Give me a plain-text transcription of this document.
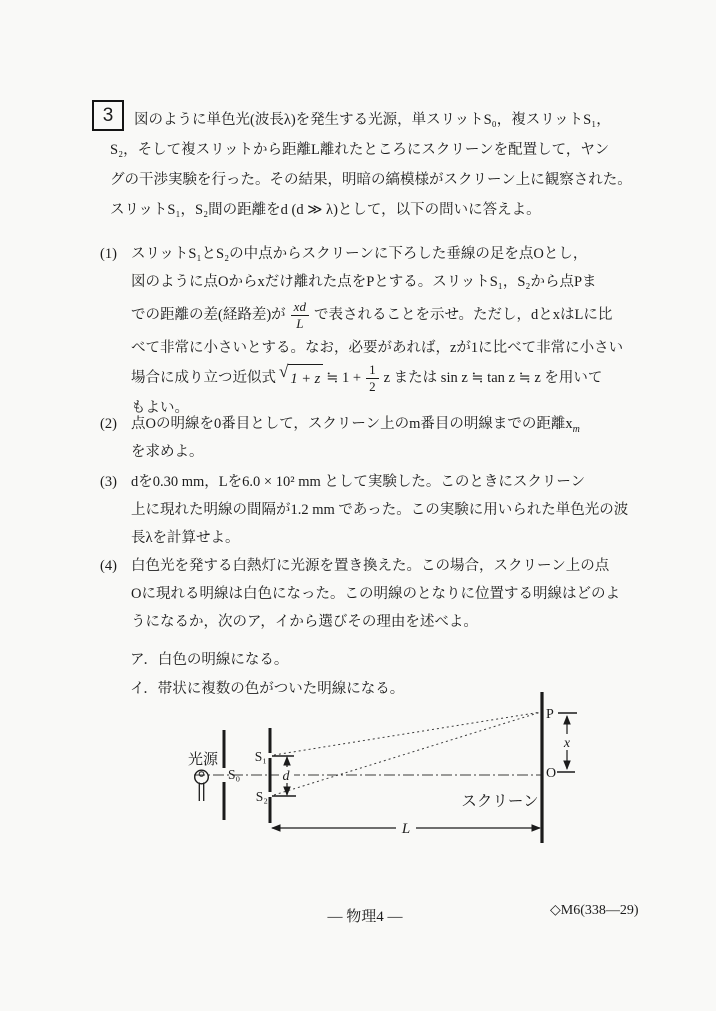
3	図のように単色光(波長λ)を発生する光源，単スリットS₀，複スリットS₁，
S₂，そして複スリットから距離L離れたところにスクリーンを配置して，ヤン
グの干渉実験を行った。その結果，明暗の縞模様がスクリーン上に観察された。
スリットS₁，S₂間の距離をd (d ≫ λ)として，以下の問いに答えよ。
(1) スリットS₁とS₂の中点からスクリーンに下ろした垂線の足を点Oとし，
図のように点Oからxだけ離れた点をPとする。スリットS₁，S₂から点Pま
での距離の差(経路差)が $\frac{xd}{L}$ で表されることを示せ。ただし，dとxはLに比
べて非常に小さいとする。なお，必要があれば，zが1に比べて非常に小さい
場合に成り立つ近似式 √ 1 + z ≒ $1 + \frac{1}{2}$ z または sin z ≒ tan z ≒ z を用いて
もよい。
(2) 点Oの明線を0番目として，スクリーン上のm番目の明線までの距離$x_m$
を求めよ。
(3) dを0.30 mm，Lを6.0 × 10² mm として実験した。このときにスクリーン
上に現れた明線の間隔が1.2 mm であった。この実験に用いられた単色光の波
長λを計算せよ。
(4) 白色光を発する白熱灯に光源を置き換えた。この場合，スクリーン上の点
Oに現れる明線は白色になった。この明線のとなりに位置する明線はどのよ
うになるか，次のア，イから選びその理由を述べよ。
ア．白色の明線になる。
イ．帯状に複数の色がついた明線になる。
d
x
L
光源
S₀
S₁
S₂
P
O
スクリーン
— 物理4 —	◇M6(338—29)
